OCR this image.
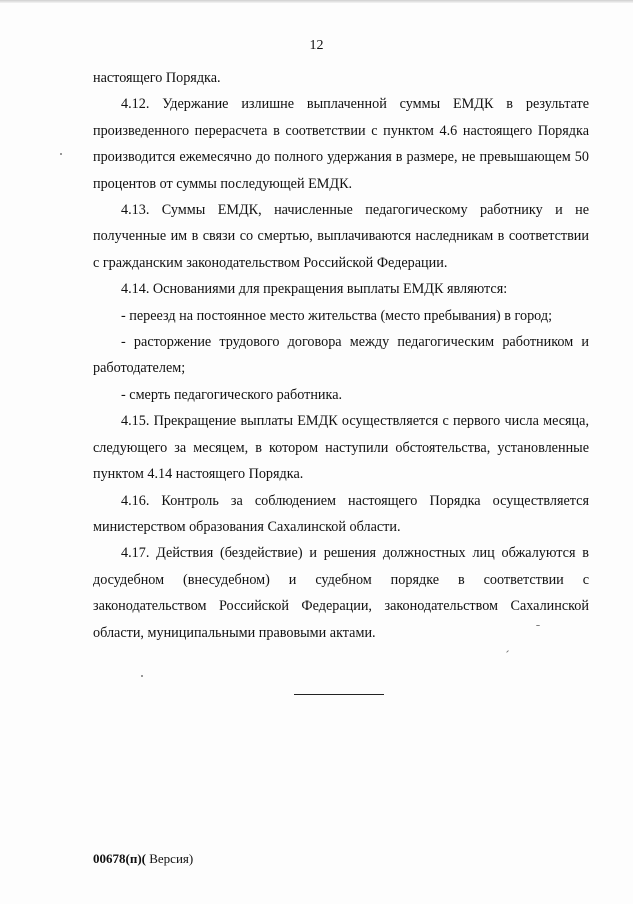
12

настоящего Порядка.

4.12. Удержание излишне выплаченной суммы ЕМДК в результате произведенного перерасчета в соответствии с пунктом 4.6 настоящего Порядка производится ежемесячно до полного удержания в размере, не превышающем 50 процентов от суммы последующей ЕМДК.

4.13. Суммы ЕМДК, начисленные педагогическому работнику и не полученные им в связи со смертью, выплачиваются наследникам в соответствии с гражданским законодательством Российской Федерации.

4.14. Основаниями для прекращения выплаты ЕМДК являются:

- переезд на постоянное место жительства (место пребывания) в город;

- расторжение трудового договора между педагогическим работником и работодателем;

- смерть педагогического работника.

4.15. Прекращение выплаты ЕМДК осуществляется с первого числа месяца, следующего за месяцем, в котором наступили обстоятельства, установленные пунктом 4.14 настоящего Порядка.

4.16. Контроль за соблюдением настоящего Порядка осуществляется министерством образования Сахалинской области.

4.17. Действия (бездействие) и решения должностных лиц обжалуются в досудебном (внесудебном) и судебном порядке в соответствии с законодательством Российской Федерации, законодательством Сахалинской области, муниципальными правовыми актами.

00678(п)( Версия)
